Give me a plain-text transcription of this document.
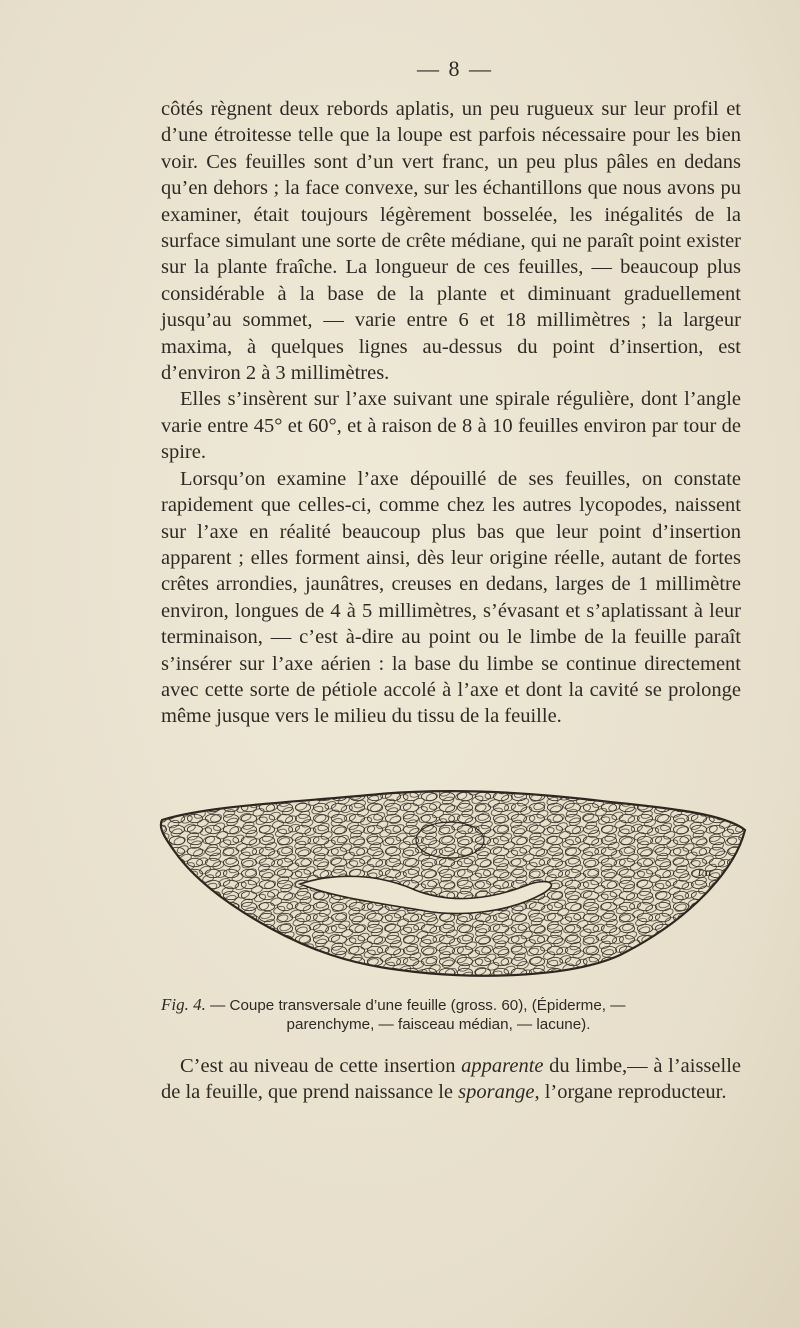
— 8 —

côtés règnent deux rebords aplatis, un peu rugueux sur leur profil et d’une étroitesse telle que la loupe est parfois nécessaire pour les bien voir. Ces feuilles sont d’un vert franc, un peu plus pâles en dedans qu’en dehors ; la face convexe, sur les échantillons que nous avons pu examiner, était toujours légèrement bosselée, les inégalités de la surface simulant une sorte de crête médiane, qui ne paraît point exister sur la plante fraîche. La longueur de ces feuilles, — beaucoup plus considérable à la base de la plante et diminuant graduellement jusqu’au sommet, — varie entre 6 et 18 millimètres ; la largeur maxima, à quelques lignes au-dessus du point d’insertion, est d’environ 2 à 3 millimètres.

Elles s’insèrent sur l’axe suivant une spirale régulière, dont l’angle varie entre 45° et 60°, et à raison de 8 à 10 feuilles environ par tour de spire.

Lorsqu’on examine l’axe dépouillé de ses feuilles, on constate rapidement que celles-ci, comme chez les autres lycopodes, naissent sur l’axe en réalité beaucoup plus bas que leur point d’insertion apparent ; elles forment ainsi, dès leur origine réelle, autant de fortes crêtes arrondies, jaunâtres, creuses en dedans, larges de 1 millimètre environ, longues de 4 à 5 millimètres, s’évasant et s’aplatissant à leur terminaison, — c’est à-dire au point ou le limbe de la feuille paraît s’insérer sur l’axe aérien : la base du limbe se continue directement avec cette sorte de pétiole accolé à l’axe et dont la cavité se prolonge même jusque vers le milieu du tissu de la feuille.

t.a
Fig. 4. — Coupe transversale d’une feuille (gross. 60), (Épiderme, —
parenchyme, — faisceau médian, — lacune).

C’est au niveau de cette insertion apparente du limbe,— à l’aisselle de la feuille, que prend naissance le sporange, l’organe reproducteur.
